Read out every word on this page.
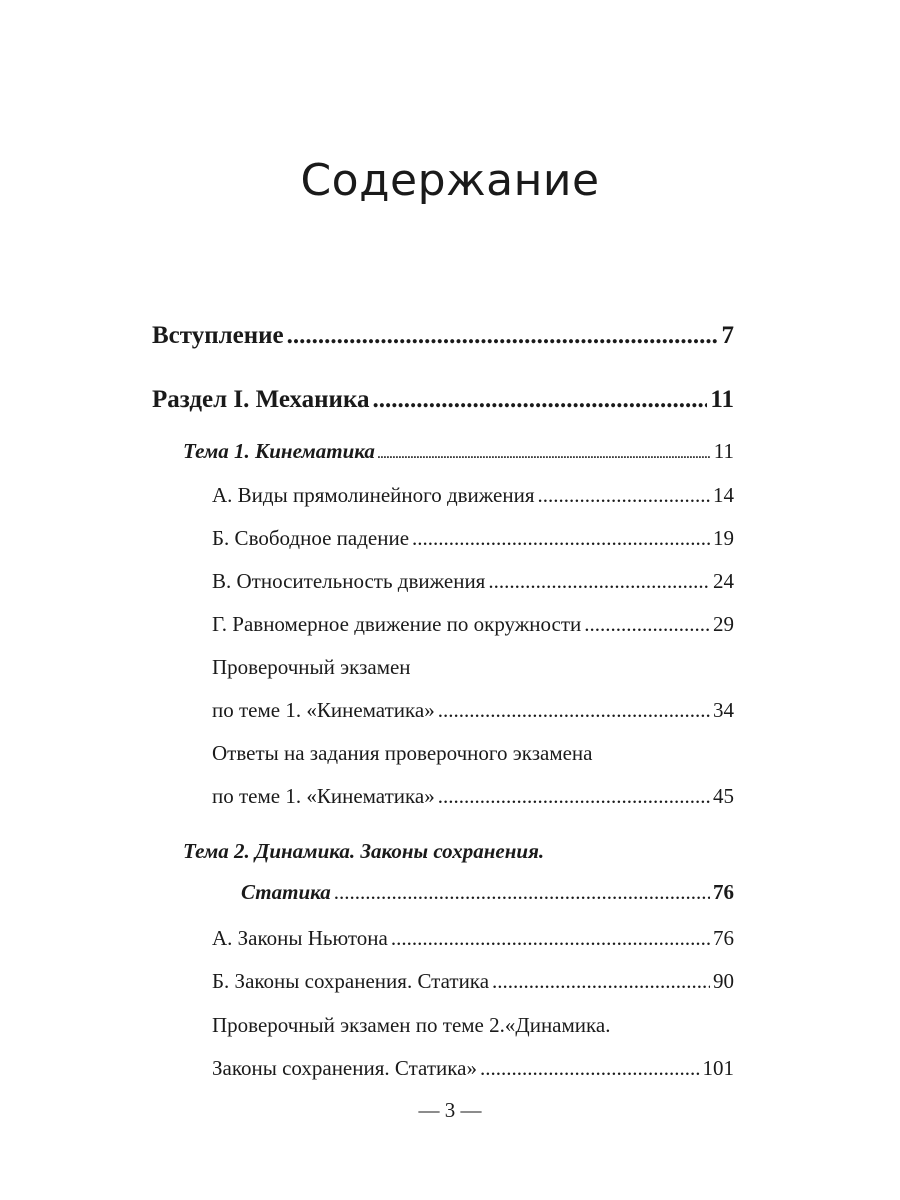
Содержание
Вступление .....	7
Раздел I. Механика .....	11
Тема 1. Кинематика .....	11
А. Виды прямолинейного движения .....	14
Б. Свободное падение .....	19
В. Относительность движения .....	24
Г. Равномерное движение по окружности .....	29
Проверочный экзамен
по теме 1. «Кинематика» .....	34
Ответы на задания проверочного экзамена
по теме 1. «Кинематика» .....	45
Тема 2. Динамика. Законы сохранения.
Статика .....	76
А. Законы Ньютона .....	76
Б. Законы сохранения. Статика .....	90
Проверочный экзамен по теме 2.«Динамика.
Законы сохранения. Статика» .....	101
— 3 —
